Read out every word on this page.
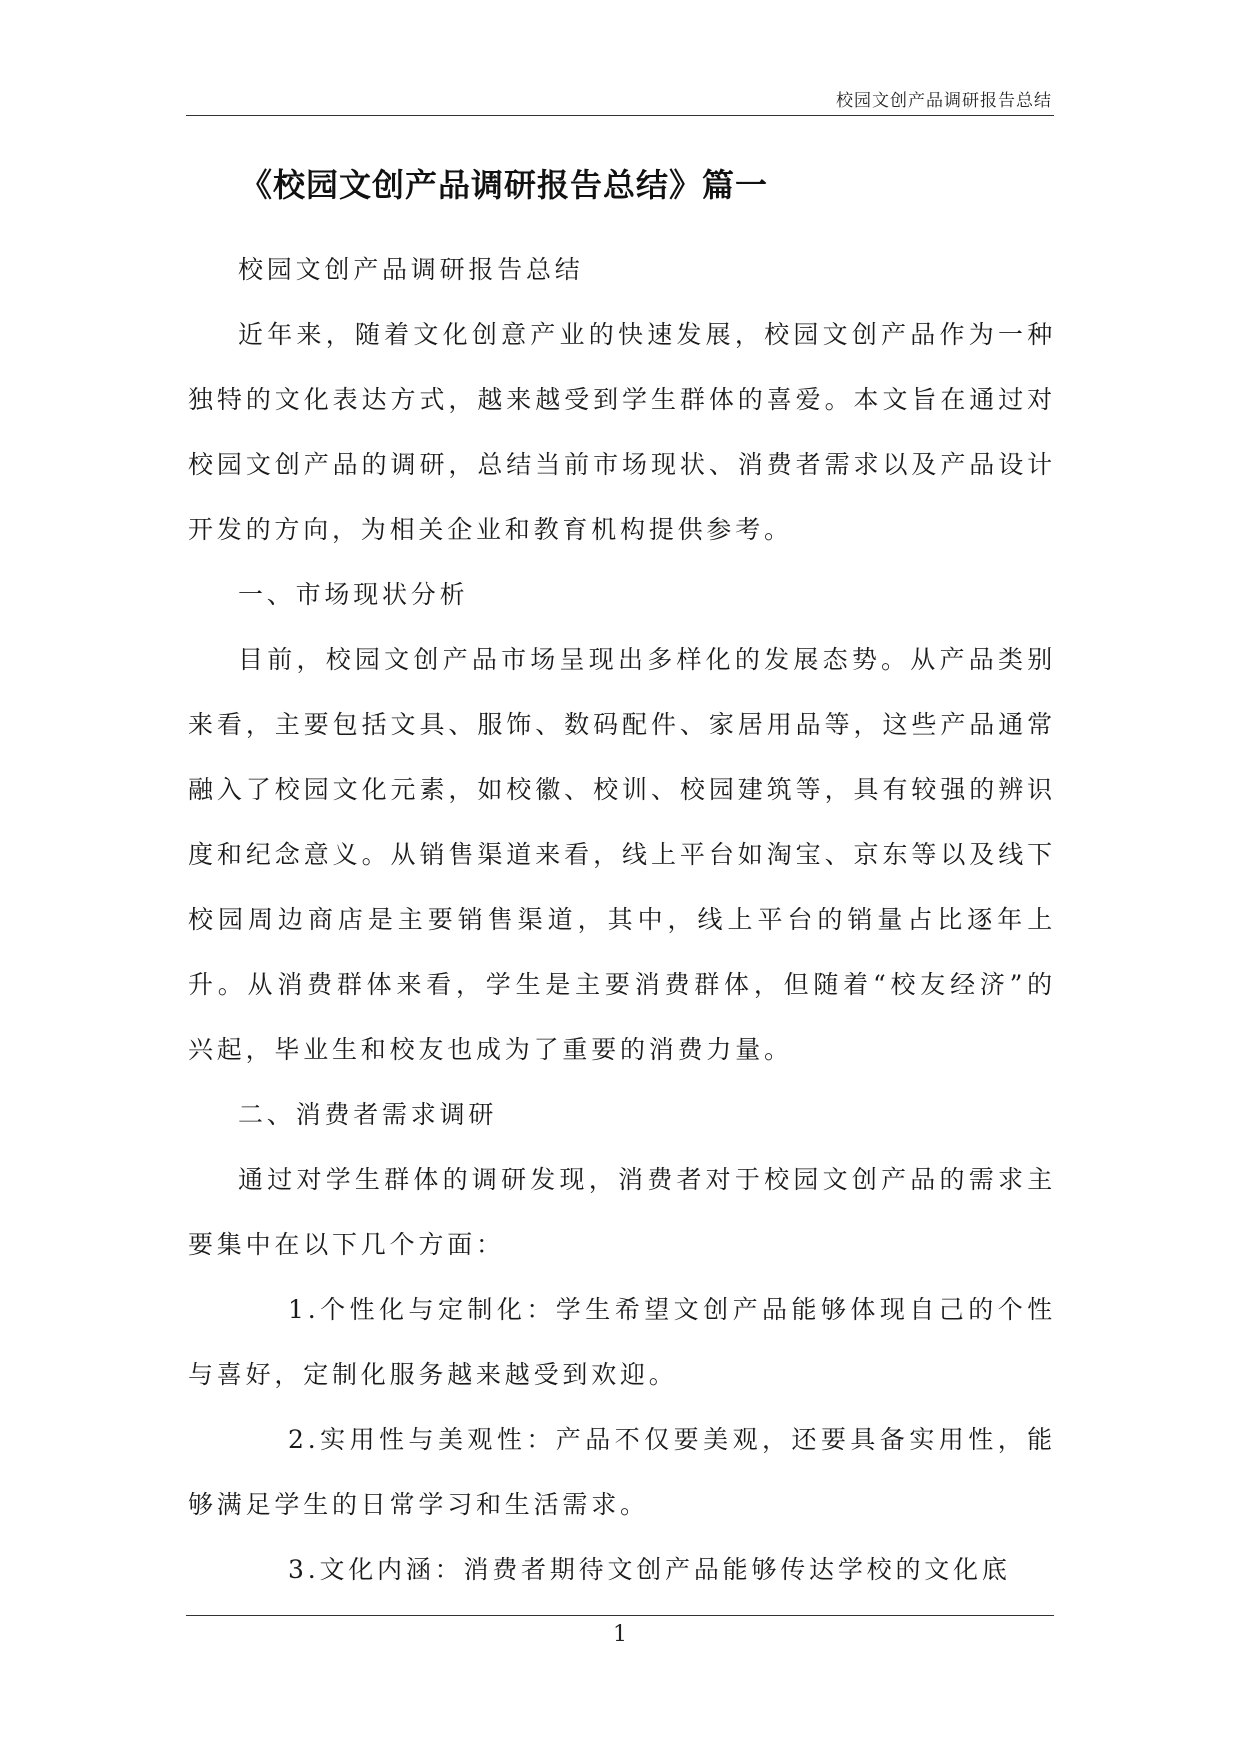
校园文创产品调研报告总结
《校园文创产品调研报告总结》篇一

校园文创产品调研报告总结

近年来，随着文化创意产业的快速发展，校园文创产品作为一种独特的文化表达方式，越来越受到学生群体的喜爱。本文旨在通过对校园文创产品的调研，总结当前市场现状、消费者需求以及产品设计开发的方向，为相关企业和教育机构提供参考。

一、市场现状分析

目前，校园文创产品市场呈现出多样化的发展态势。从产品类别来看，主要包括文具、服饰、数码配件、家居用品等，这些产品通常融入了校园文化元素，如校徽、校训、校园建筑等，具有较强的辨识度和纪念意义。从销售渠道来看，线上平台如淘宝、京东等以及线下校园周边商店是主要销售渠道，其中，线上平台的销量占比逐年上升。从消费群体来看，学生是主要消费群体，但随着“校友经济”的兴起，毕业生和校友也成为了重要的消费力量。

二、消费者需求调研

通过对学生群体的调研发现，消费者对于校园文创产品的需求主要集中在以下几个方面：

1.个性化与定制化：学生希望文创产品能够体现自己的个性与喜好，定制化服务越来越受到欢迎。

2.实用性与美观性：产品不仅要美观，还要具备实用性，能够满足学生的日常学习和生活需求。

3.文化内涵：消费者期待文创产品能够传达学校的文化底

1
